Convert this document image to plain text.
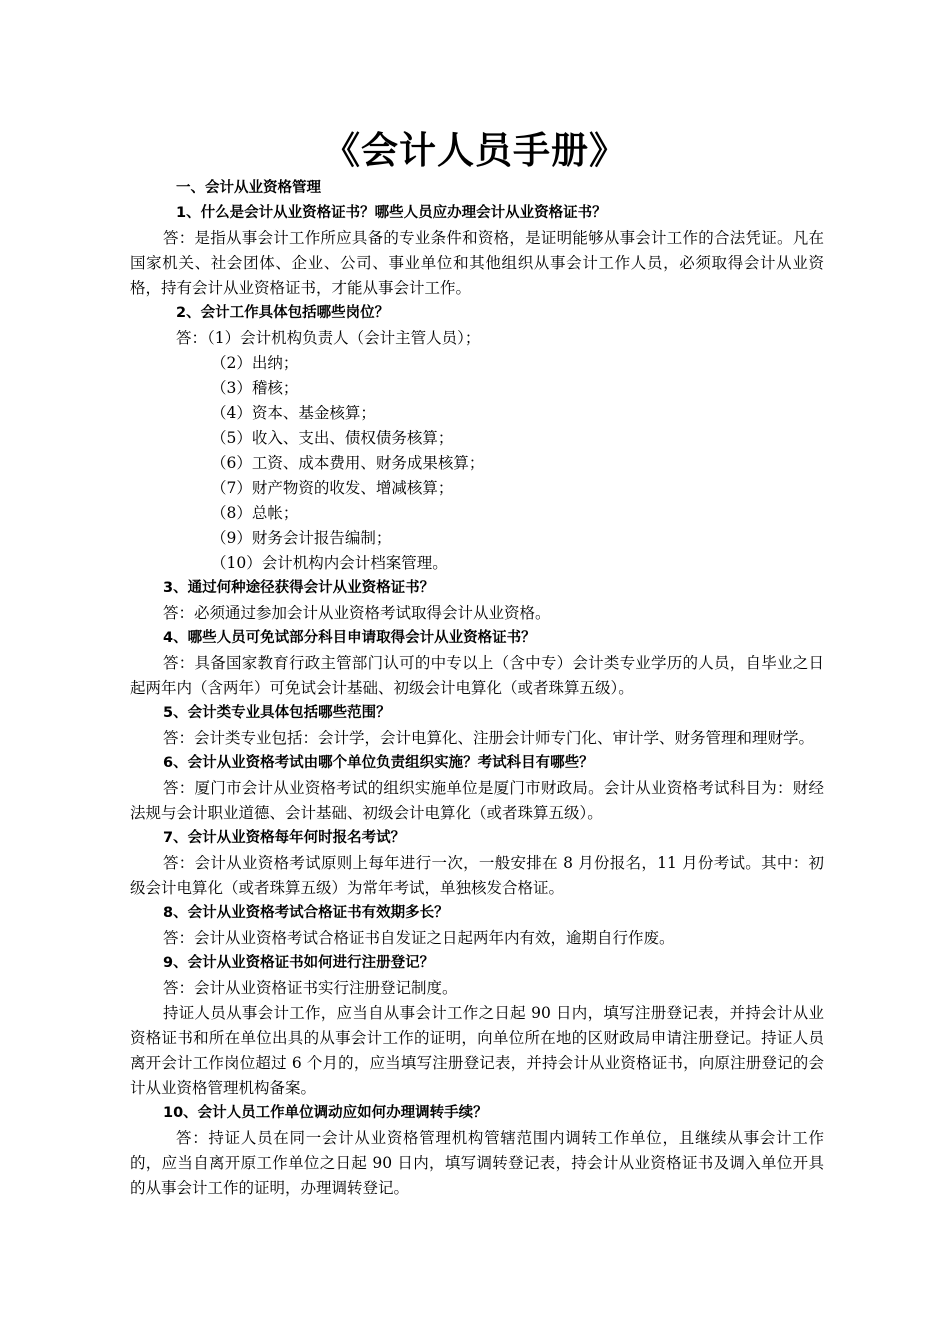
《会计人员手册》

一、会计从业资格管理

1、什么是会计从业资格证书？哪些人员应办理会计从业资格证书？

答：是指从事会计工作所应具备的专业条件和资格，是证明能够从事会计工作的合法凭证。凡在国家机关、社会团体、企业、公司、事业单位和其他组织从事会计工作人员，必须取得会计从业资格，持有会计从业资格证书，才能从事会计工作。

2、会计工作具体包括哪些岗位？

答：（1）会计机构负责人（会计主管人员）；

（2）出纳；

（3）稽核；

（4）资本、基金核算；

（5）收入、支出、债权债务核算；

（6）工资、成本费用、财务成果核算；

（7）财产物资的收发、增减核算；

（8）总帐；

（9）财务会计报告编制；

（10）会计机构内会计档案管理。

3、通过何种途径获得会计从业资格证书？

答：必须通过参加会计从业资格考试取得会计从业资格。

4、哪些人员可免试部分科目申请取得会计从业资格证书？

答：具备国家教育行政主管部门认可的中专以上（含中专）会计类专业学历的人员，自毕业之日起两年内（含两年）可免试会计基础、初级会计电算化（或者珠算五级）。

5、会计类专业具体包括哪些范围？

答：会计类专业包括：会计学，会计电算化、注册会计师专门化、审计学、财务管理和理财学。

6、会计从业资格考试由哪个单位负责组织实施？考试科目有哪些？

答：厦门市会计从业资格考试的组织实施单位是厦门市财政局。会计从业资格考试科目为：财经法规与会计职业道德、会计基础、初级会计电算化（或者珠算五级）。

7、会计从业资格每年何时报名考试？

答：会计从业资格考试原则上每年进行一次，一般安排在 8 月份报名，11 月份考试。其中：初级会计电算化（或者珠算五级）为常年考试，单独核发合格证。

8、会计从业资格考试合格证书有效期多长？

答：会计从业资格考试合格证书自发证之日起两年内有效，逾期自行作废。

9、会计从业资格证书如何进行注册登记？

答：会计从业资格证书实行注册登记制度。

持证人员从事会计工作，应当自从事会计工作之日起 90 日内，填写注册登记表，并持会计从业资格证书和所在单位出具的从事会计工作的证明，向单位所在地的区财政局申请注册登记。持证人员离开会计工作岗位超过 6 个月的，应当填写注册登记表，并持会计从业资格证书，向原注册登记的会计从业资格管理机构备案。

10、会计人员工作单位调动应如何办理调转手续？

答：持证人员在同一会计从业资格管理机构管辖范围内调转工作单位，且继续从事会计工作的，应当自离开原工作单位之日起 90 日内，填写调转登记表，持会计从业资格证书及调入单位开具的从事会计工作的证明，办理调转登记。
